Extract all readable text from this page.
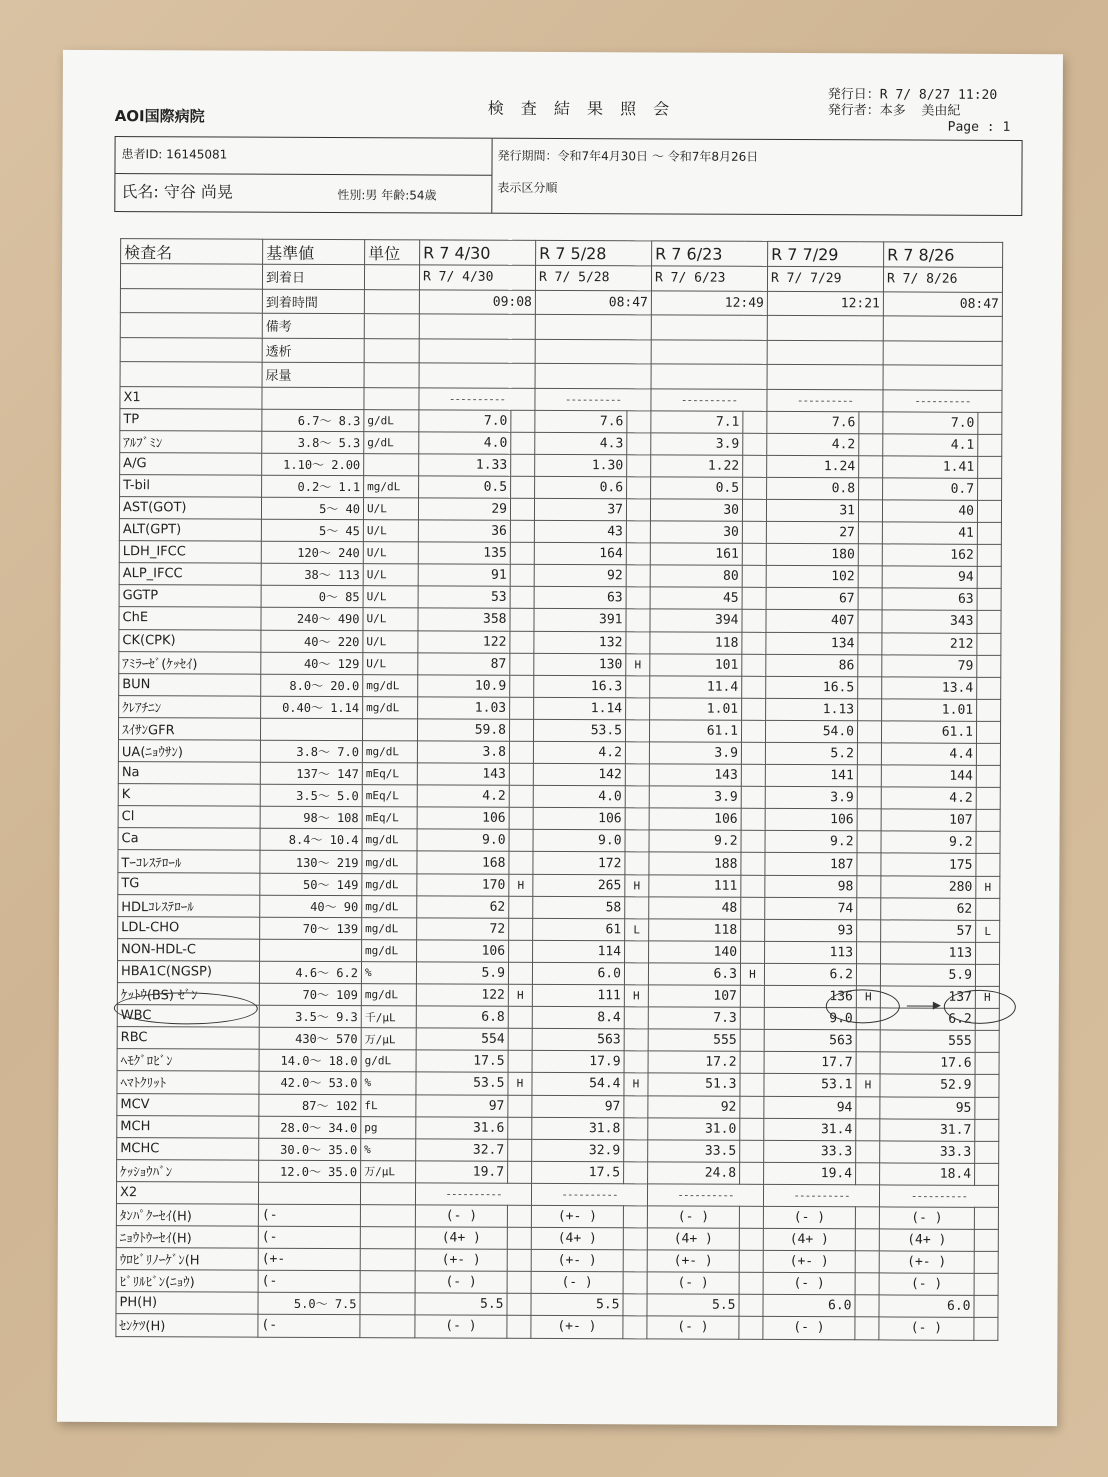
AOI国際病院	検 査 結 果 照 会
発行日：R 7/ 8/27 11:20
発行者：本多  美由紀
Page : 1
患者ID: 16145081
氏名: 守谷 尚晃	性別:男 年齢:54歳
発行期間：令和7年4月30日 〜 令和7年8月26日
表示区分順
検査名	基準値	単位	R 7 4/30		R 7 5/28		R 7 6/23		R 7 7/29		R 7 8/26	
	到着日		R 7/ 4/30		R 7/ 5/28		R 7/ 6/23		R 7/ 7/29		R 7/ 8/26	
	到着時間		09:08		08:47		12:49		12:21		08:47	
	備考											
	透析											
	尿量											
X1			----------		----------		----------		----------		----------	
TP	6.7〜 8.3	g/dL	7.0		7.6		7.1		7.6		7.0	
ｱﾙﾌﾞﾐﾝ	3.8〜 5.3	g/dL	4.0		4.3		3.9		4.2		4.1	
A/G	1.10〜 2.00		1.33		1.30		1.22		1.24		1.41	
T-bil	0.2〜 1.1	mg/dL	0.5		0.6		0.5		0.8		0.7	
AST(GOT)	5〜 40	U/L	29		37		30		31		40	
ALT(GPT)	5〜 45	U/L	36		43		30		27		41	
LDH_IFCC	120〜 240	U/L	135		164		161		180		162	
ALP_IFCC	38〜 113	U/L	91		92		80		102		94	
GGTP	0〜 85	U/L	53		63		45		67		63	
ChE	240〜 490	U/L	358		391		394		407		343	
CK(CPK)	40〜 220	U/L	122		132		118		134		212	
ｱﾐﾗｰｾﾞ(ｹｯｾｲ)	40〜 129	U/L	87		130	H	101		86		79	
BUN	8.0〜 20.0	mg/dL	10.9		16.3		11.4		16.5		13.4	
ｸﾚｱﾁﾆﾝ	0.40〜 1.14	mg/dL	1.03		1.14		1.01		1.13		1.01	
ｽｲｻﾝGFR			59.8		53.5		61.1		54.0		61.1	
UA(ﾆｮｳｻﾝ)	3.8〜 7.0	mg/dL	3.8		4.2		3.9		5.2		4.4	
Na	137〜 147	mEq/L	143		142		143		141		144	
K	3.5〜 5.0	mEq/L	4.2		4.0		3.9		3.9		4.2	
Cl	98〜 108	mEq/L	106		106		106		106		107	
Ca	8.4〜 10.4	mg/dL	9.0		9.0		9.2		9.2		9.2	
Tｰｺﾚｽﾃﾛｰﾙ	130〜 219	mg/dL	168		172		188		187		175	
TG	50〜 149	mg/dL	170	H	265	H	111		98		280	H
HDLｺﾚｽﾃﾛｰﾙ	40〜 90	mg/dL	62		58		48		74		62	
LDL-CHO	70〜 139	mg/dL	72		61	L	118		93		57	L
NON-HDL-C		mg/dL	106		114		140		113		113	
HBA1C(NGSP)	4.6〜 6.2	%	5.9		6.0		6.3	H	6.2		5.9	
ｹｯﾄｳ(BS) ｾﾞﾝ	70〜 109	mg/dL	122	H	111	H	107		136	H	137	H
WBC	3.5〜 9.3	千/μL	6.8		8.4		7.3		9.0		6.2	
RBC	430〜 570	万/μL	554		563		555		563		555	
ﾍﾓｸﾞﾛﾋﾞﾝ	14.0〜 18.0	g/dL	17.5		17.9		17.2		17.7		17.6	
ﾍﾏﾄｸﾘｯﾄ	42.0〜 53.0	%	53.5	H	54.4	H	51.3		53.1	H	52.9	
MCV	87〜 102	fL	97		97		92		94		95	
MCH	28.0〜 34.0	pg	31.6		31.8		31.0		31.4		31.7	
MCHC	30.0〜 35.0	%	32.7		32.9		33.5		33.3		33.3	
ｹｯｼｮｳﾊﾞﾝ	12.0〜 35.0	万/μL	19.7		17.5		24.8		19.4		18.4	
X2			----------		----------		----------		----------		----------	
ﾀﾝﾊﾟｸｰｾｲ(H)	(-		(- )		(+- )		(- )		(- )		(- )	
ﾆｮｳﾄｳｰｾｲ(H)	(-		(4+ )		(4+ )		(4+ )		(4+ )		(4+ )	
ｳﾛﾋﾞﾘﾉｰｹﾞﾝ(H	(+-		(+- )		(+- )		(+- )		(+- )		(+- )	
ﾋﾞﾘﾙﾋﾞﾝ(ﾆｮｳ)	(-		(- )		(- )		(- )		(- )		(- )	
PH(H)	5.0〜 7.5		5.5		5.5		5.5		6.0		6.0	
ｾﾝｹﾂ(H)	(-		(- )		(+- )		(- )		(- )		(- )	
